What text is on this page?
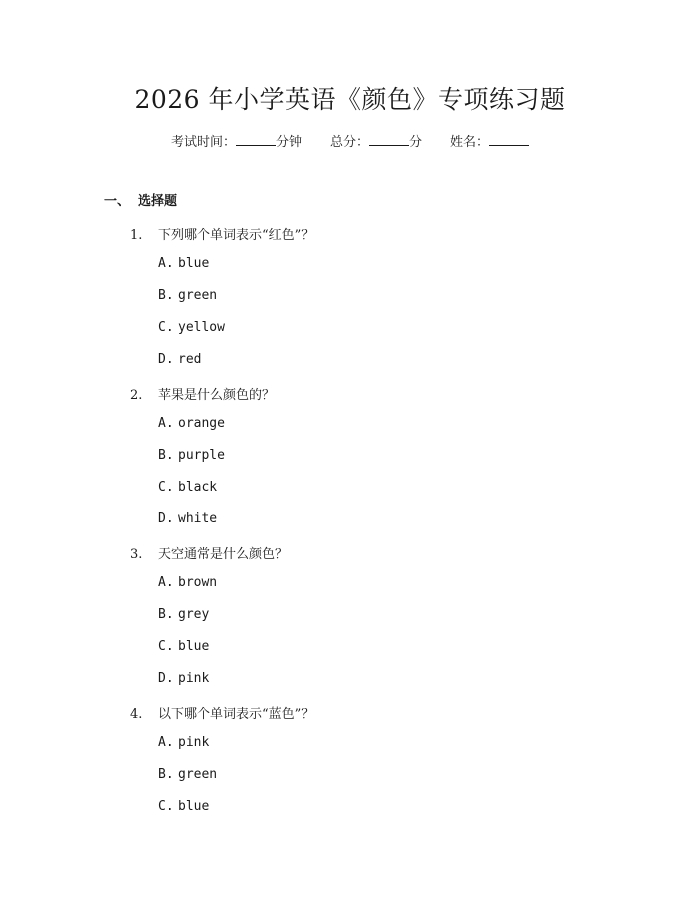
2026 年小学英语《颜色》专项练习题
考试时间：	分钟 总分：	分 姓名：
一、 选择题
1. 下列哪个单词表示“红色”？
A. blue
B. green
C. yellow
D. red
2. 苹果是什么颜色的？
A. orange
B. purple
C. black
D. white
3. 天空通常是什么颜色？
A. brown
B. grey
C. blue
D. pink
4. 以下哪个单词表示“蓝色”？
A. pink
B. green
C. blue
